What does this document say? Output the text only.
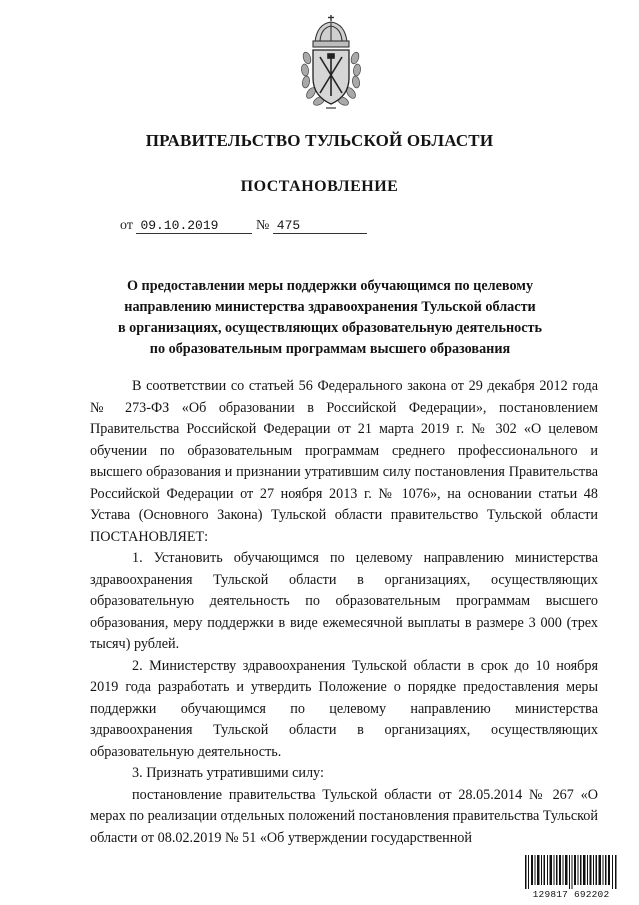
ПРАВИТЕЛЬСТВО ТУЛЬСКОЙ ОБЛАСТИ
ПОСТАНОВЛЕНИЕ
от 09.10.2019	№ 475
О предоставлении меры поддержки обучающимся по целевому
направлению министерства здравоохранения Тульской области
в организациях, осуществляющих образовательную деятельность
по образовательным программам высшего образования

В соответствии со статьей 56 Федерального закона от 29 декабря 2012 года № 273-ФЗ «Об образовании в Российской Федерации», постановлением Правительства Российской Федерации от 21 марта 2019 г. № 302 «О целевом обучении по образовательным программам среднего профессионального и высшего образования и признании утратившим силу постановления Правительства Российской Федерации от 27 ноября 2013 г. № 1076», на основании статьи 48 Устава (Основного Закона) Тульской области правительство Тульской области ПОСТАНОВЛЯЕТ:

1. Установить обучающимся по целевому направлению министерства здравоохранения Тульской области в организациях, осуществляющих образовательную деятельность по образовательным программам высшего образования, меру поддержки в виде ежемесячной выплаты в размере 3 000 (трех тысяч) рублей.

2. Министерству здравоохранения Тульской области в срок до 10 ноября 2019 года разработать и утвердить Положение о порядке предоставления меры поддержки обучающимся по целевому направлению министерства здравоохранения Тульской области в организациях, осуществляющих образовательную деятельность.

3. Признать утратившими силу:

постановление правительства Тульской области от 28.05.2014 № 267 «О мерах по реализации отдельных положений постановления правительства Тульской области от 08.02.2019 № 51 «Об утверждении государственной

129817 692202
